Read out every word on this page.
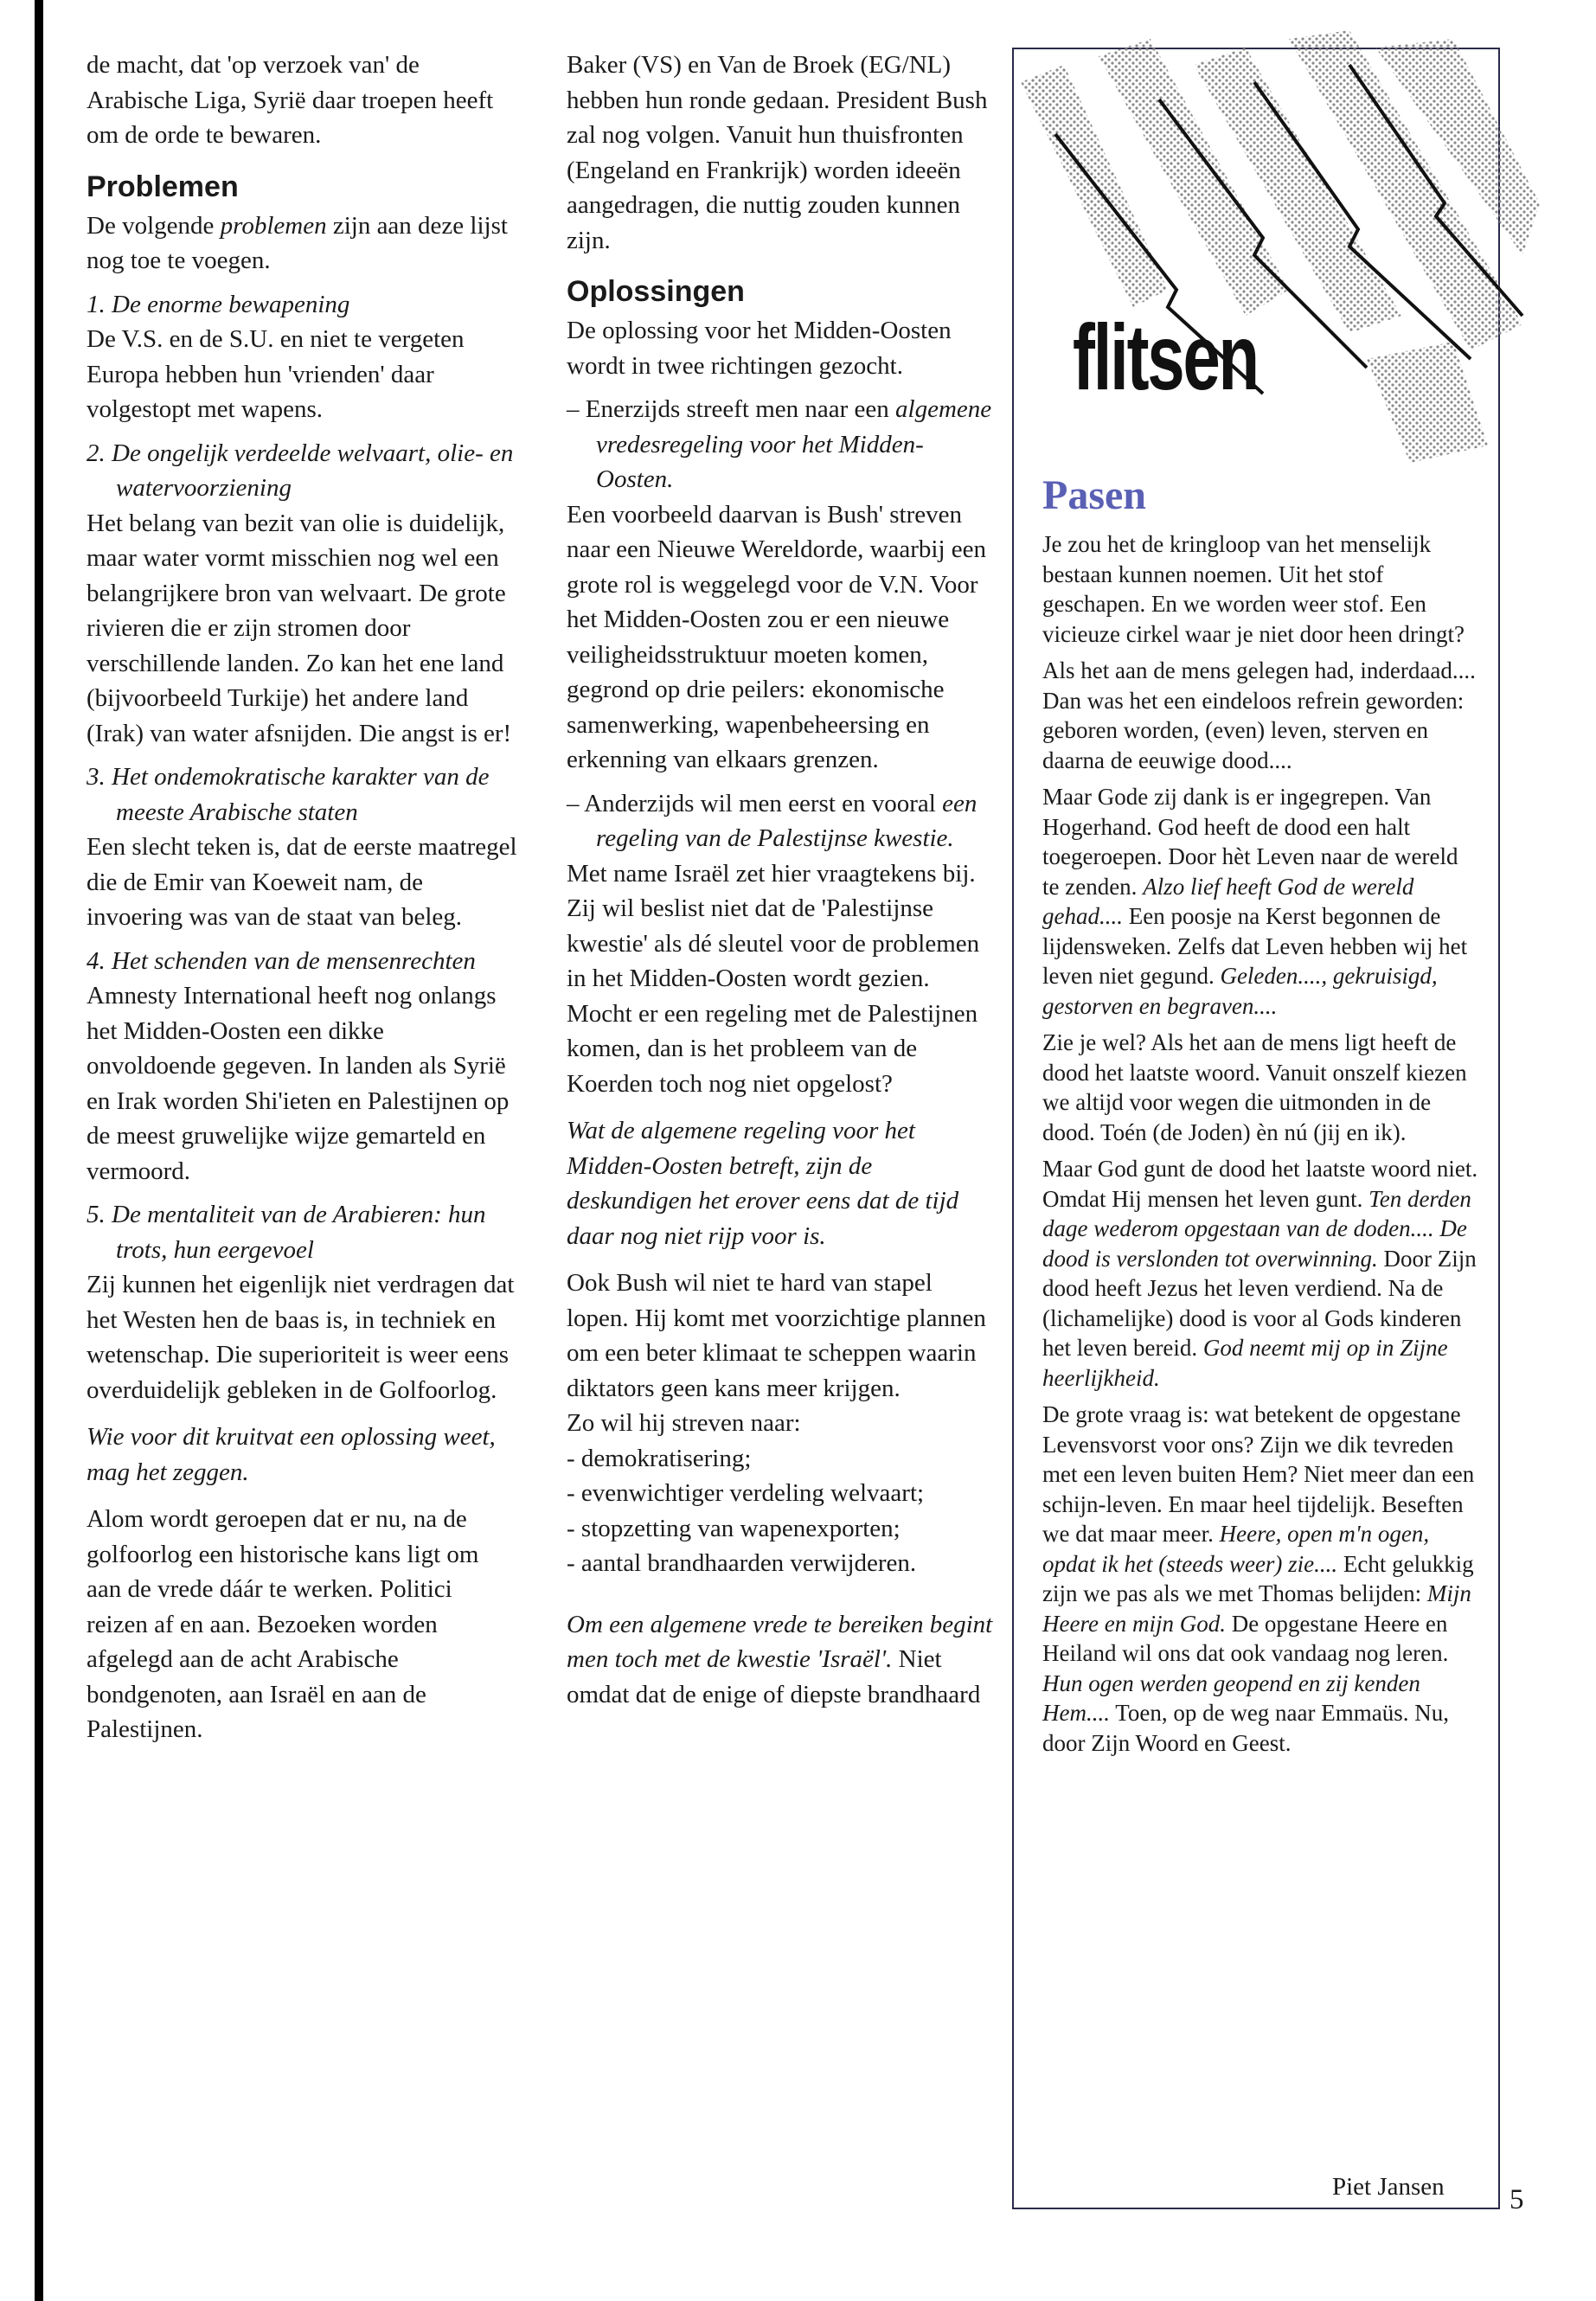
de macht, dat 'op verzoek van' de Arabische Liga, Syrië daar troepen heeft om de orde te bewaren.

Problemen

De volgende problemen zijn aan deze lijst nog toe te voegen.

1. De enorme bewapening

De V.S. en de S.U. en niet te vergeten Europa hebben hun 'vrienden' daar volgestopt met wapens.

2. De ongelijk verdeelde welvaart, olie- en watervoorziening

Het belang van bezit van olie is duidelijk, maar water vormt misschien nog wel een belangrijkere bron van welvaart. De grote rivieren die er zijn stromen door verschillende landen. Zo kan het ene land (bijvoorbeeld Turkije) het andere land (Irak) van water afsnijden. Die angst is er!

3. Het ondemokratische karakter van de meeste Arabische staten

Een slecht teken is, dat de eerste maatregel die de Emir van Koeweit nam, de invoering was van de staat van beleg.

4. Het schenden van de mensenrechten

Amnesty International heeft nog onlangs het Midden-Oosten een dikke onvoldoende gegeven. In landen als Syrië en Irak worden Shi'ieten en Palestijnen op de meest gruwelijke wijze gemarteld en vermoord.

5. De mentaliteit van de Arabieren: hun trots, hun eergevoel

Zij kunnen het eigenlijk niet verdragen dat het Westen hen de baas is, in techniek en wetenschap. Die superioriteit is weer eens overduidelijk gebleken in de Golfoorlog.

Wie voor dit kruitvat een oplossing weet, mag het zeggen.

Alom wordt geroepen dat er nu, na de golfoorlog een historische kans ligt om aan de vrede dáár te werken. Politici reizen af en aan. Bezoeken worden afgelegd aan de acht Arabische bondgenoten, aan Israël en aan de Palestijnen.

Baker (VS) en Van de Broek (EG/NL) hebben hun ronde gedaan. President Bush zal nog volgen. Vanuit hun thuisfronten (Engeland en Frankrijk) worden ideeën aangedragen, die nuttig zouden kunnen zijn.

Oplossingen

De oplossing voor het Midden-Oosten wordt in twee richtingen gezocht.

– Enerzijds streeft men naar een algemene vredesregeling voor het Midden-Oosten.

Een voorbeeld daarvan is Bush' streven naar een Nieuwe Wereldorde, waarbij een grote rol is weggelegd voor de V.N. Voor het Midden-Oosten zou er een nieuwe veiligheidsstruktuur moeten komen, gegrond op drie peilers: ekonomische samenwerking, wapenbeheersing en erkenning van elkaars grenzen.

– Anderzijds wil men eerst en vooral een regeling van de Palestijnse kwestie.

Met name Israël zet hier vraagtekens bij. Zij wil beslist niet dat de 'Palestijnse kwestie' als dé sleutel voor de problemen in het Midden-Oosten wordt gezien. Mocht er een regeling met de Palestijnen komen, dan is het probleem van de Koerden toch nog niet opgelost?

Wat de algemene regeling voor het Midden-Oosten betreft, zijn de deskundigen het erover eens dat de tijd daar nog niet rijp voor is.

Ook Bush wil niet te hard van stapel lopen. Hij komt met voorzichtige plannen om een beter klimaat te scheppen waarin diktators geen kans meer krijgen.

Zo wil hij streven naar:

- demokratisering;

- evenwichtiger verdeling welvaart;

- stopzetting van wapenexporten;

- aantal brandhaarden verwijderen.

Om een algemene vrede te bereiken begint men toch met de kwestie 'Israël'. Niet omdat dat de enige of diepste brandhaard

flitsen
Pasen

Je zou het de kringloop van het menselijk bestaan kunnen noemen. Uit het stof geschapen. En we worden weer stof. Een vicieuze cirkel waar je niet door heen dringt?

Als het aan de mens gelegen had, inderdaad.... Dan was het een eindeloos refrein geworden: geboren worden, (even) leven, sterven en daarna de eeuwige dood....

Maar Gode zij dank is er ingegrepen. Van Hogerhand. God heeft de dood een halt toegeroepen. Door hèt Leven naar de wereld te zenden. Alzo lief heeft God de wereld gehad.... Een poosje na Kerst begonnen de lijdensweken. Zelfs dat Leven hebben wij het leven niet gegund. Geleden...., gekruisigd, gestorven en begraven....

Zie je wel? Als het aan de mens ligt heeft de dood het laatste woord. Vanuit onszelf kiezen we altijd voor wegen die uitmonden in de dood. Toén (de Joden) èn nú (jij en ik).

Maar God gunt de dood het laatste woord niet. Omdat Hij mensen het leven gunt. Ten derden dage wederom opgestaan van de doden.... De dood is verslonden tot overwinning. Door Zijn dood heeft Jezus het leven verdiend. Na de (lichamelijke) dood is voor al Gods kinderen het leven bereid. God neemt mij op in Zijne heerlijkheid.

De grote vraag is: wat betekent de opgestane Levensvorst voor ons? Zijn we dik tevreden met een leven buiten Hem? Niet meer dan een schijn-leven. En maar heel tijdelijk. Beseften we dat maar meer. Heere, open m'n ogen, opdat ik het (steeds weer) zie.... Echt gelukkig zijn we pas als we met Thomas belijden: Mijn Heere en mijn God. De opgestane Heere en Heiland wil ons dat ook vandaag nog leren. Hun ogen werden geopend en zij kenden Hem.... Toen, op de weg naar Emmaüs. Nu, door Zijn Woord en Geest.

Piet Jansen 5
